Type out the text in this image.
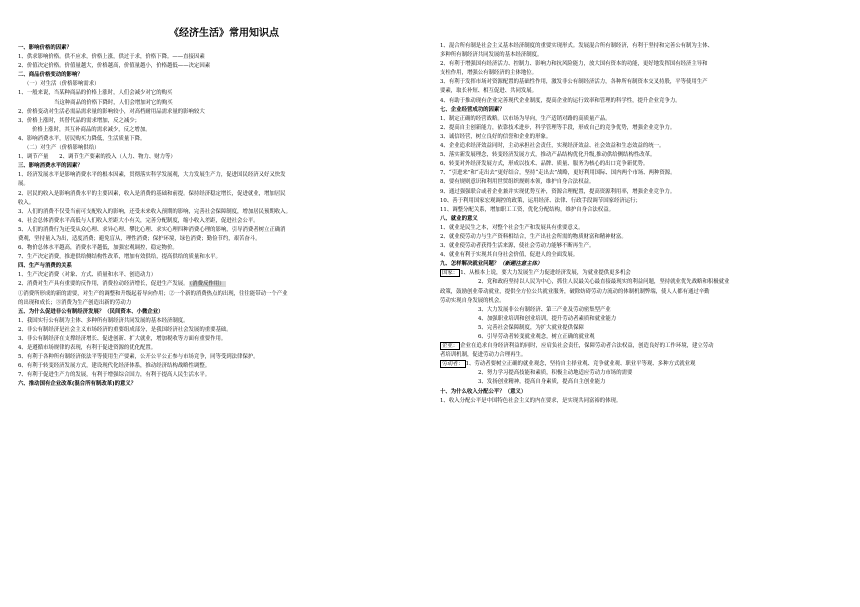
《经济生活》常用知识点
一、影响价格的因素？
1、供求影响价格。供不应求，价格上涨，供过于求，价格下降。——直接因素
2、价值决定价格。价值量越大，价格越高，价值量越小，价格越低——决定因素
二、商品价格变动的影响？
（一）对生活（价格影响需求）
1、一般来说，当某种商品的价格上涨时，人们会减少对它的购买
当这种商品的价格下降时，人们会增加对它的购买
2、价格变动对生活必需品需求量的影响较小，对高档耐用品需求量的影响较大
3、价格上涨时，其替代品的需求增加，反之减少；
价格上涨时，其互补商品的需求减少，反之增加。
4、影响消费水平，居民购买力降低，生活质量下降。
（二）对生产（价格影响供给）
1、调节产量　　2、调节生产要素的投入（人力、物力、财力等）
三、影响消费水平的因素？
1、经济发展水平是影响消费水平的根本因素，贯彻落实科学发展观，大力发展生产力，促进国民经济又好又快发
展。
2、居民的收入是影响消费水平的主要因素，收入是消费的基础和前提。保持经济稳定增长，促进就业，增加居民
收入。
3、人们的消费不仅受当前可支配收入的影响，还受未来收入预期的影响，完善社会保障制度，增加居民预期收入。
4、社会总体消费水平高低与人们收入差距大小有关，完善分配制度，缩小收入差距，促进社会公平。
5、人们的消费行为还受从众心理、求异心理、攀比心理、求实心理四种消费心理的影响，引导消费者树立正确消
费观，坚持量入为出，适度消费；避免盲从，理性消费；保护环境，绿色消费；勤俭节约，艰苦奋斗。
6、物价总体水平越高，消费水平越低，加强宏观调控，稳定物价。
7、生产决定消费，推进供给侧结构性改革，增加有效供给，提高供给的质量和水平。
四、生产与消费的关系
1、生产决定消费（对象、方式、质量和水平、创造动力）
2、消费对生产具有重要的反作用，消费拉动经济增长，促进生产发展。（消费反作用）
①消费所形成的新的需要，对生产的调整和升级起着导向作用；②一个新的消费热点的出现，往往能带动一个产业
的出现和成长；③消费为生产创造出新的劳动力
五、为什么促进非公有制经济发展？（民间资本、小微企业）
1、我国实行公有制为主体、多种所有制经济共同发展的基本经济制度。
2、非公有制经济是社会主义市场经济的重要组成部分，是我国经济社会发展的重要基础。
3、非公有制经济在支撑经济增长、促进创新、扩大就业，增加税收等方面有重要作用。
4、是遵循市场规律的表现，有利于促进资源的优化配置。
5、有利于各种所有制经济依法平等使用生产要素，公开公平公正参与市场竞争，同等受到法律保护。
6、有利于转变经济发展方式，建设现代化经济体系，推动经济结构战略性调整。
7、有利于促进生产力的发展，有利于增强综合国力，有利于提高人民生活水平。
六、推动国有企业改革(混合所有制改革)的意义？
1、混合所有制是社会主义基本经济制度的重要实现形式。发展混合所有制经济，有利于坚持和完善公有制为主体、
多种所有制经济共同发展的基本经济制度。
2、有利于增强国有经济活力、控制力、影响力和抗风险能力，放大国有资本的功能，更好地发挥国有经济主导和
支柱作用，增强公有制经济的主体地位。
3、有利于发挥市场对资源配置的基础性作用，激发非公有制经济活力，各种所有制资本交叉持股，平等使用生产
要素，取长补短、相互促进、共同发展。
4、有助于推动现有企业完善现代企业制度，提高企业的运行效率和管理的科学性，提升企业竞争力。
七、企业经营成功的因素？
1、制定正确的经营战略。以市场为导向，生产适销对路的高质量产品。
2、提高自主创新能力，依靠技术进步，科学管理等手段，形成自己的竞争优势，增强企业竞争力。
3、诚信经营，树立良好的信誉和企业的形象。
4、企业追求经济效益同时，主动承担社会责任，实现经济效益、社会效益和生态效益的统一。
5、落实新发展理念，转变经济发展方式，推动产品结构优化升级,推动供给侧结构性改革。
6、转变对外经济发展方式，形成以技术、品牌、质量、服务为核心的出口竞争新优势。
7、“引进来”和“走出去”更好结合，坚持“走出去”战略，更好利用国际、国内两个市场、两种资源。
8、要有规则意识和利用世贸组织规则本领，维护自身合法权益。
9、通过强强联合或者企业兼并实现优势互补，资源合理配置，提高资源利用率，增强企业竞争力。
10、善于利用国家宏观调控的政策，运用经济、法律、行政手段调节国家经济运行；
11、调整分配关系，增加职工工资，优化分配结构，维护自身合法权益。
八、就业的意义
1、就业是民生之本，对整个社会生产和发展具有重要意义。
2、就业使劳动力与生产资料相结合，生产出社会所需的物质财富和精神财富。
3、就业使劳动者获得生活来源，使社会劳动力能够不断再生产。
4、就业有利于实现其自身社会价值，促进人的全面发展。
九、怎样解决就业问题？（新题注意主体）
国家： 1、从根本上说，要大力发展生产力促进经济发展，为就业提供更多机会
2、党和政府坚持以人民为中心，抓住人民最关心最直接最现实的利益问题，坚持就业优先战略和积极就业
政策，鼓励创业带动就业，提供全方位公共就业服务，破除妨碍劳动力流动的体制机制弊端，使人人都有通过辛勤
劳动实现自身发展的机会。
3、大力发展非公有制经济、第三产业及劳动密集型产业
4、加强职业培训和创业培训，提升劳动者素质和就业能力
5、完善社会保障制度，为扩大就业提供保障
6、引导劳动者转变就业观念，树立正确的就业观
企业： 企业在追求自身经济利益的同时，应肩负社会责任，保障劳动者合法权益，创造良好的工作环境，建立劳动
者培训机制，促进劳动力合理再生。
劳动者： 1、劳动者要树立正确的就业观念，坚持自主择业观、竞争就业观、职业平等观、多种方式就业观
2、努力学习提高技能和素质，积极主动地适应劳动力市场的需要
3、发扬创业精神，提高自身素质，提高自主创业能力
十、为什么收入分配公平？（意义）
1、收入分配公平是中国特色社会主义的内在要求，是实现共同富裕的体现。
